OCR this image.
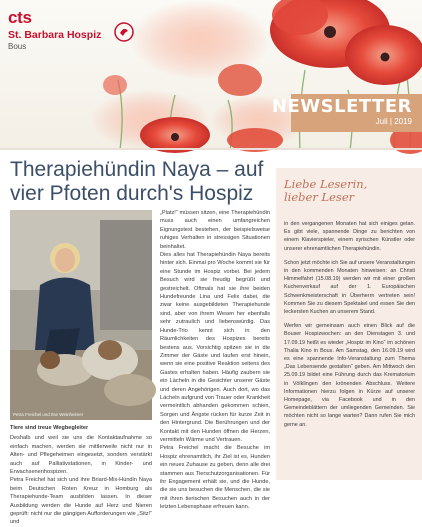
cts
St. Barbara Hospiz
Bous
NEWSLETTER
Juli | 2019
Therapiehündin Naya – auf vier Pfoten durch's Hospiz
Petra Freichel und Ilse Weinheimer
Tiere sind treue Wegbegleiter

Deshalb und weil sie uns die Kontaktaufnahme so einfach machen, werden sie mittlerweile nicht nur in Alten- und Pflegeheimen eingesetzt, sondern verstärkt auch auf Palliativstationen, in Kinder- und Erwachsenenhospizen.

Petra Freichel hat sich und ihre Briard-Mix-Hündin Naya beim Deutschen Roten Kreuz in Homburg als Therapiehunde-Team ausbilden lassen. In dieser Ausbildung werden die Hunde auf Herz und Nieren geprüft: nicht nur die gängigen Aufforderungen wie „Sitz!“ und

„Platz!“ müssen sitzen, eine Therapiehündin muss auch einen umfangreichen Eignungstest bestehen, der beispielsweise ruhiges Verhalten in stressigen Situationen beinhaltet.

Dies alles hat Therapiehündin Naya bereits hinter sich. Einmal pro Woche kommt sie für eine Stunde im Hospiz vorbei. Bei jedem Besuch wird sie freudig begrüßt und gestreichelt. Oftmals hat sie ihre beiden Hundefreunde Lina und Felix dabei, die zwar keine ausgebildeten Therapiehunde sind, aber von ihrem Wesen her ebenfalls sehr zutraulich und liebenswürdig. Das Hunde-Trio kennt sich in den Räumlichkeiten des Hospizes bereits bestens aus. Vorsichtig spitzen sie in die Zimmer der Gäste und laufen erst hinein, wenn sie eine positive Reaktion seitens des Gastes erhalten haben. Häufig zaubern sie ein Lächeln in die Gesichter unserer Gäste und deren Angehörigen. Auch dort, wo das Lächeln aufgrund von Trauer oder Krankheit vermeintlich abhanden gekommen schien, Sorgen und Ängste rücken für kurze Zeit in den Hintergrund. Die Berührungen und der Kontakt mit den Hunden öffnen die Herzen, vermitteln Wärme und Vertrauen.

Petra Freichel macht die Besuche im Hospiz ehrenamtlich, ihr Ziel ist es, Hunden ein neues Zuhause zu geben, denn alle drei stammen aus Tierschutzorganisationen. Für ihr Engagement erhält sie, und die Hunde, die sie uns besuchen die Menschen, die sie mit ihren tierischen Besuchen auch in der letzten Lebensphase erfreuen kann.

Liebe Leserin,
lieber Leser

in den vergangenen Monaten hat sich einiges getan. Es gibt viele, spannende Dinge zu berichten von einem Klavierspieler, einem syrischen Künstler oder unserer ehrenamtlichen Therapiehündin.

Schon jetzt möchte ich Sie auf unsere Veranstaltungen in den kommenden Monaten hinweisen: an Christi Himmelfahrt (15.08.19) werden wir mit einer großen Kuchenverkauf auf der 1. Europäischen Schwenkmeisterschaft in Überherrn vertreten sein! Kommen Sie zu diesem Spektakel und essen Sie den leckersten Kuchen an unserem Stand.

Werfen wir gemeinsam auch einen Blick auf die Bouser Hospizwochen: an den Dienstagen 3. und 17.09.19 heißt es wieder „Hospiz im Kino“ im schönen Thalia Kino in Bous. Am Samstag, den 16.09.19 wird es eine spannende Info-Veranstaltung zum Thema „Das Lebensende gestalten“ geben. Am Mittwoch den 25.09.19 bildet eine Führung durch das Krematorium in Völklingen den krönenden Abschluss. Weitere Informationen hierzu folgen in Kürze auf unserer Homepage, via Facebook und in den Gemeindeblättern der umliegenden Gemeinden. Sie möchten nicht so lange warten? Dann rufen Sie mich gerne an.
